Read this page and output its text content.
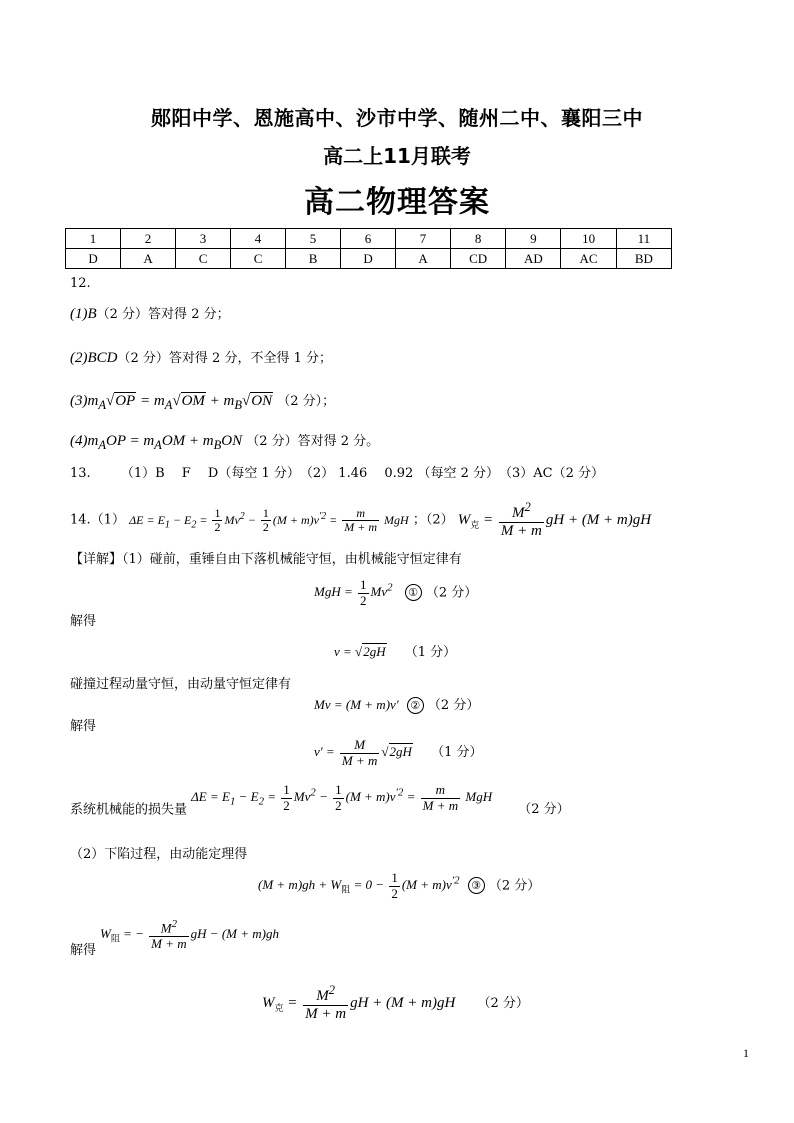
郧阳中学、恩施高中、沙市中学、随州二中、襄阳三中
高二上11月联考
高二物理答案
1	2	3	4	5	6	7	8	9	10	11
D	A	C	C	B	D	A	CD	AD	AC	BD
12.
(1)B（2 分）答对得 2 分；
(2)BCD（2 分）答对得 2 分，不全得 1 分；
$(3)m_A√OP = m_A√OM + m_B√ON$ （2 分）；
$(4)m_AOP = m_AOM + m_BON$ （2 分）答对得 2 分。
13. （1）B　 F　 D（每空 1 分）　（2） 1.46　 0.92 （每空 2 分）　（3）AC（2 分）
14.（1） $\Delta E = E_1 - E_2 = \frac{1}{2} Mv^2 - \frac{1}{2} (M + m)v^{'2} = \frac{m}{M + m}$ MgH ；（2） $W_克 = \frac{M^2}{M + m}$ gH + (M + m)gH
【详解】（1）碰前，重锤自由下落机械能守恒，由机械能守恒定律有
MgH = $\frac{1}{2} Mv^2$ ① （2 分）
解得
v = √2gH （1 分）
碰撞过程动量守恒，由动量守恒定律有
Mv = (M + m)v′ ② （2 分）
解得
$v' = \frac{M}{M + m} √2gH$ （1 分）
系统机械能的损失量 $\Delta E = E_1 - E_2 = \frac{1}{2} Mv^2 - \frac{1}{2} (M + m)v^{'2} = \frac{m}{M + m}$ MgH （2 分）
（2）下陷过程，由动能定理得
$(M + m)gh + W_阻 = 0 - \frac{1}{2} (M + m)v^{'2}$ ③ （2 分）
$W_阻$ = − $\frac{M^2}{M + m}$ gH − (M + m)gh
解得
$W_克 = \frac{M^2}{M + m}$ gH + (M + m)gH （2 分）
1
